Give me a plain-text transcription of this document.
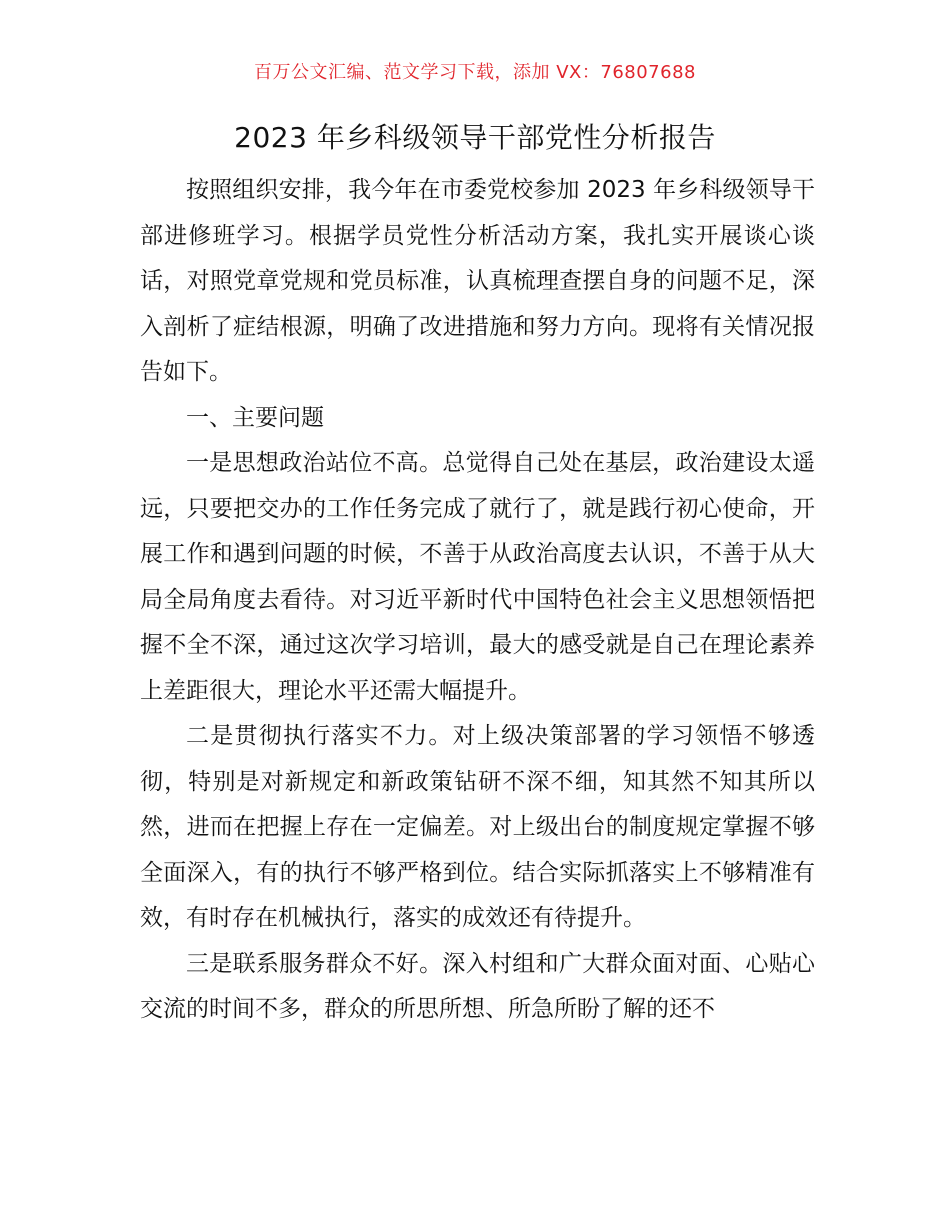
百万公文汇编、范文学习下载，添加 VX：76807688
2023 年乡科级领导干部党性分析报告

按照组织安排，我今年在市委党校参加 2023 年乡科级领导干部进修班学习。根据学员党性分析活动方案，我扎实开展谈心谈话，对照党章党规和党员标准，认真梳理查摆自身的问题不足，深入剖析了症结根源，明确了改进措施和努力方向。现将有关情况报告如下。

一、主要问题

一是思想政治站位不高。总觉得自己处在基层，政治建设太遥远，只要把交办的工作任务完成了就行了，就是践行初心使命，开展工作和遇到问题的时候，不善于从政治高度去认识，不善于从大局全局角度去看待。对习近平新时代中国特色社会主义思想领悟把握不全不深，通过这次学习培训，最大的感受就是自己在理论素养上差距很大，理论水平还需大幅提升。

二是贯彻执行落实不力。对上级决策部署的学习领悟不够透彻，特别是对新规定和新政策钻研不深不细，知其然不知其所以然，进而在把握上存在一定偏差。对上级出台的制度规定掌握不够全面深入，有的执行不够严格到位。结合实际抓落实上不够精准有效，有时存在机械执行，落实的成效还有待提升。

三是联系服务群众不好。深入村组和广大群众面对面、心贴心交流的时间不多，群众的所思所想、所急所盼了解的还不
